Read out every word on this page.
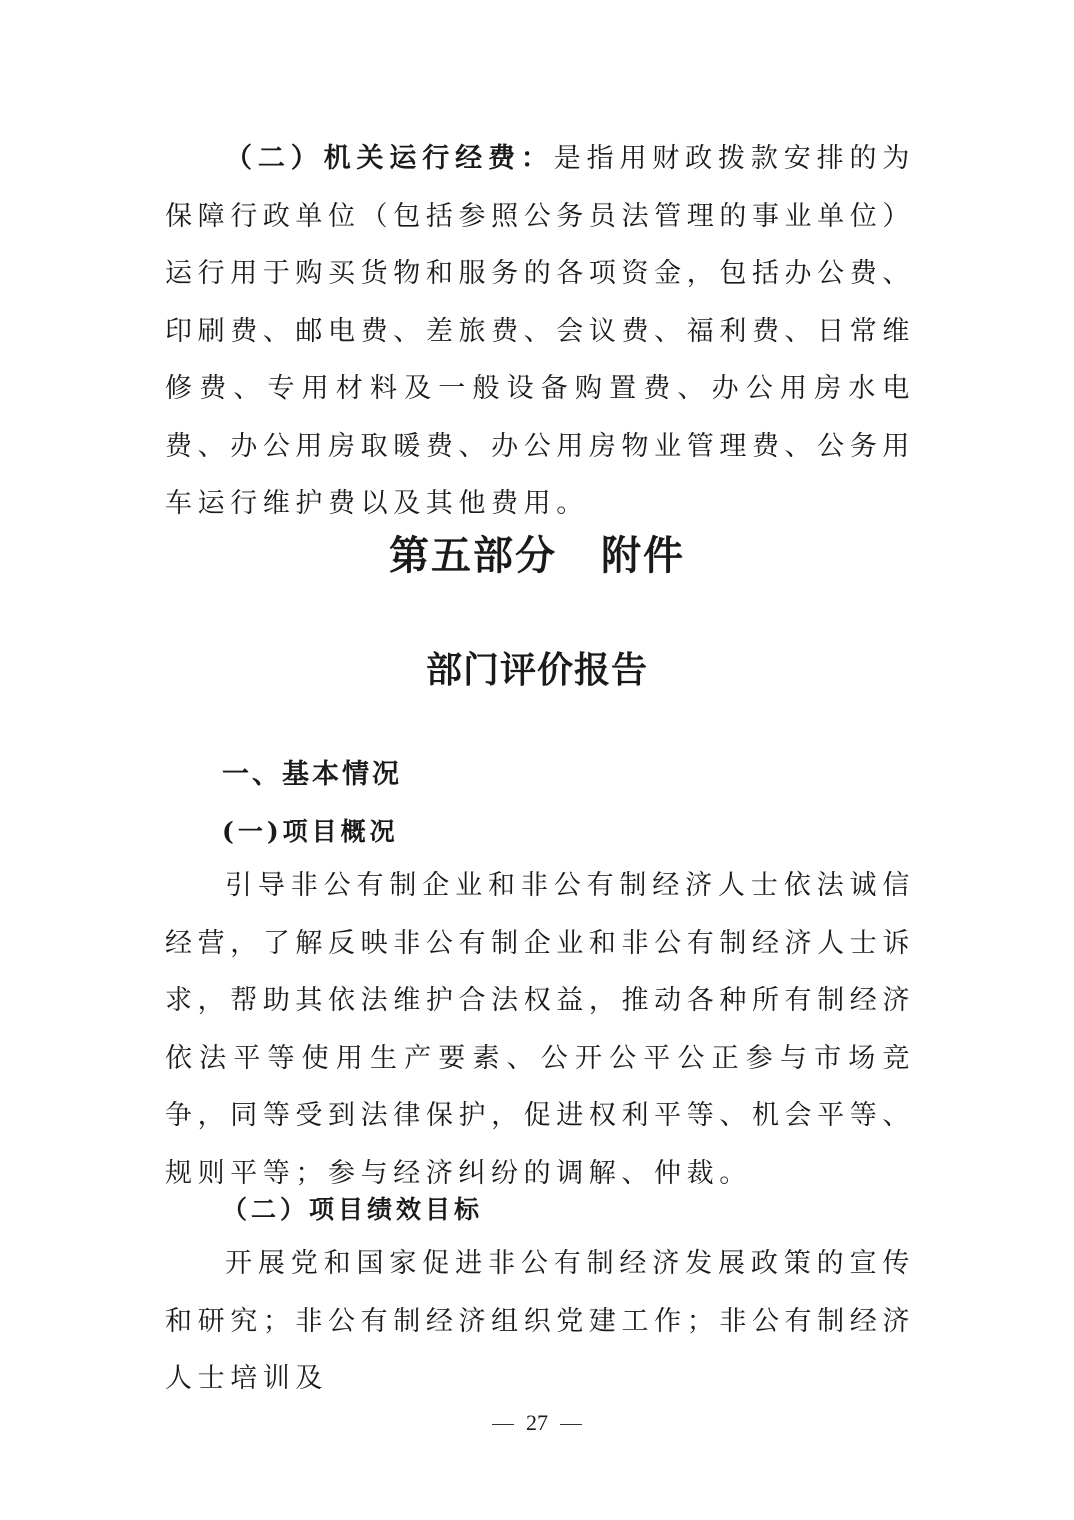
（二）机关运行经费：是指用财政拨款安排的为保障行政单位（包括参照公务员法管理的事业单位）运行用于购买货物和服务的各项资金，包括办公费、印刷费、邮电费、差旅费、会议费、福利费、日常维修费、专用材料及一般设备购置费、办公用房水电费、办公用房取暖费、办公用房物业管理费、公务用车运行维护费以及其他费用。

第五部分 附件
部门评价报告
一、基本情况
(一)项目概况

引导非公有制企业和非公有制经济人士依法诚信经营，了解反映非公有制企业和非公有制经济人士诉求，帮助其依法维护合法权益，推动各种所有制经济依法平等使用生产要素、公开公平公正参与市场竞争，同等受到法律保护，促进权利平等、机会平等、规则平等；参与经济纠纷的调解、仲裁。

（二）项目绩效目标

开展党和国家促进非公有制经济发展政策的宣传和研究；非公有制经济组织党建工作；非公有制经济人士培训及

27
